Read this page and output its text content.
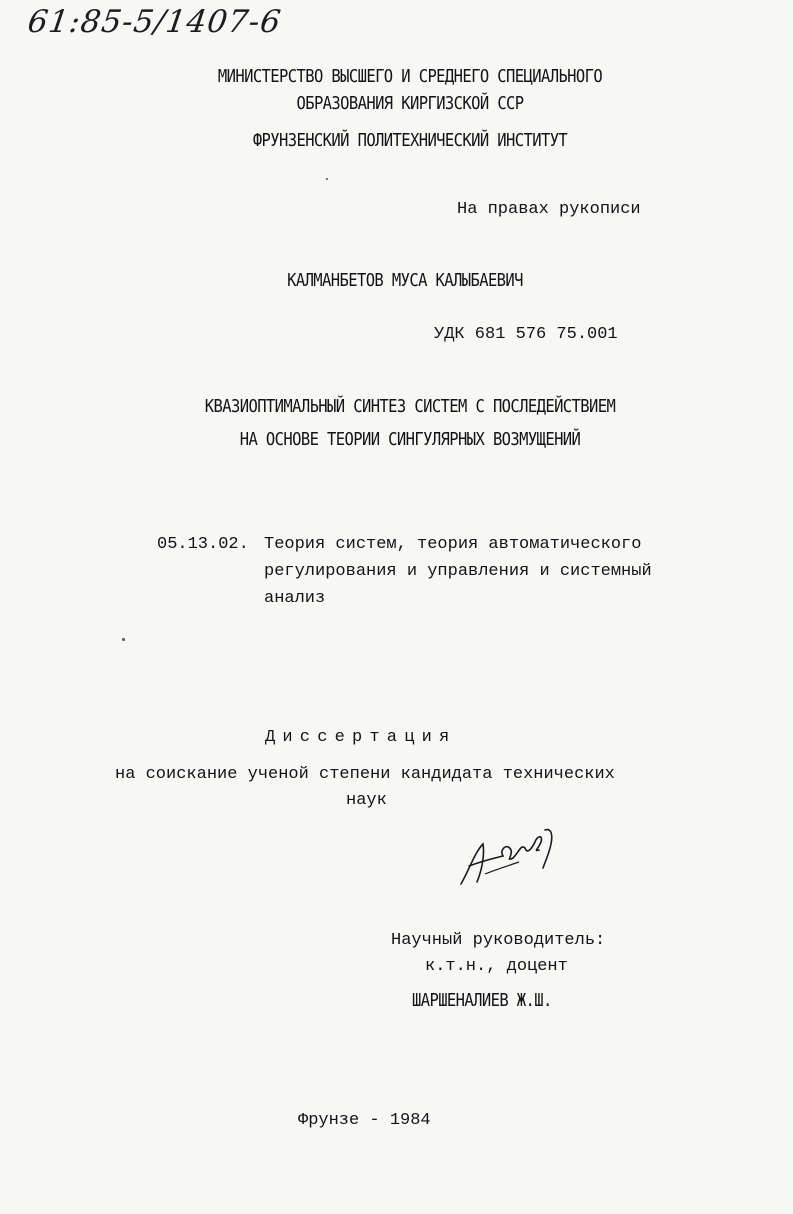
61:85-5/1407-6
МИНИСТЕРСТВО ВЫСШЕГО И СРЕДНЕГО СПЕЦИАЛЬНОГО
ОБРАЗОВАНИЯ КИРГИЗСКОЙ ССР
ФРУНЗЕНСКИЙ ПОЛИТЕХНИЧЕСКИЙ ИНСТИТУТ
На правах рукописи
КАЛМАНБЕТОВ МУСА КАЛЫБАЕВИЧ
УДК 681 576 75.001
КВАЗИОПТИМАЛЬНЫЙ СИНТЕЗ СИСТЕМ С ПОСЛЕДЕЙСТВИЕМ
НА ОСНОВЕ ТЕОРИИ СИНГУЛЯРНЫХ ВОЗМУЩЕНИЙ
05.13.02. Теория систем, теория автоматического
регулирования и управления и системный
анализ
Диссертация
на соискание ученой степени кандидата технических
наук
Научный руководитель:
к.т.н., доцент
ШАРШЕНАЛИЕВ Ж.Ш.
Фрунзе - 1984
